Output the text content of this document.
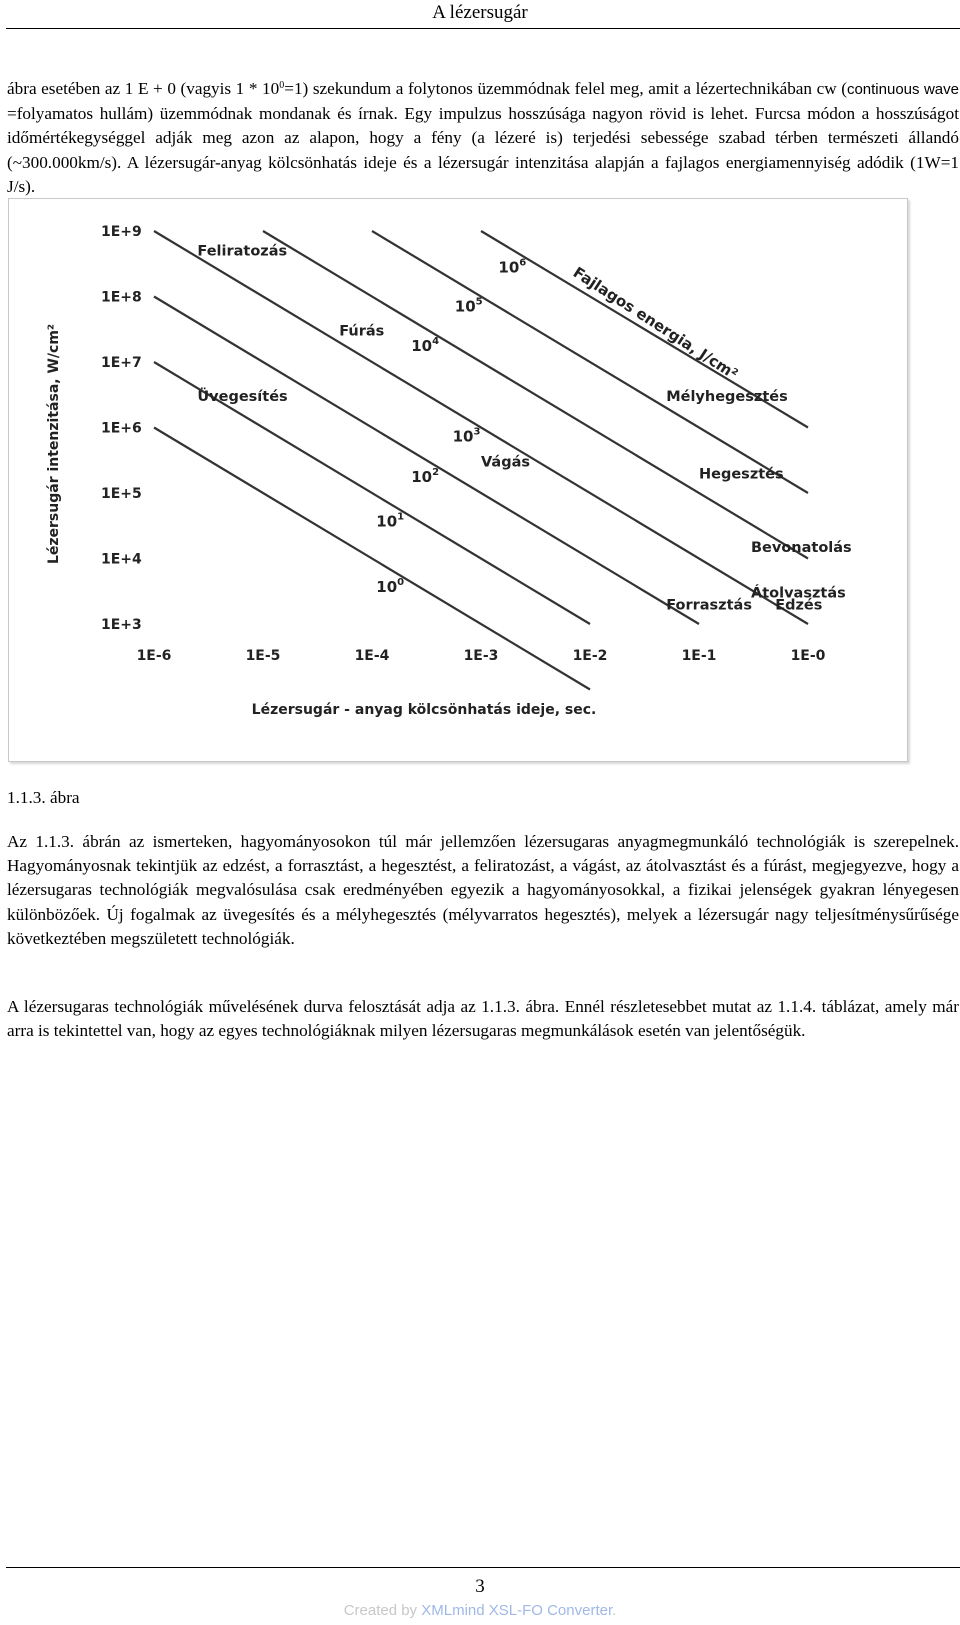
A lézersugár
ábra esetében az 1 E + 0 (vagyis $1 * 10^0=1$) szekundum a folytonos üzemmódnak felel meg, amit a lézertechnikában cw (continuous wave =folyamatos hullám) üzemmódnak mondanak és írnak. Egy impulzus hosszúsága nagyon rövid is lehet. Furcsa módon a hosszúságot időmértékegységgel adják meg azon az alapon, hogy a fény (a lézeré is) terjedési sebessége szabad térben természeti állandó (~300.000km/s). A lézersugár-anyag kölcsönhatás ideje és a lézersugár intenzitása alapján a fajlagos energiamennyiség adódik (1W=1 J/s).
1E+9
1E+8
1E+7
1E+6
1E+5
1E+4
1E+3
1E-6	1E-5	1E-4	1E-3	1E-2	1E-1	1E-0
Feliratozás
Fúrás
Üvegesítés
Vágás
Mélyhegesztés
Hegesztés
Bevonatolás
Átolvasztás
Forrasztás Edzés
$10^0$
$10^1$
$10^2$
$10^3$
$10^4$
$10^5$
$10^6$
Lézersugár - anyag kölcsönhatás ideje, sec.
Lézersugár intenzitása, W/cm²
Fajlagos energia, J/cm²
1.1.3. ábra
Az 1.1.3. ábrán az ismerteken, hagyományosokon túl már jellemzően lézersugaras anyagmegmunkáló technológiák is szerepelnek. Hagyományosnak tekintjük az edzést, a forrasztást, a hegesztést, a feliratozást, a vágást, az átolvasztást és a fúrást, megjegyezve, hogy a lézersugaras technológiák megvalósulása csak eredményében egyezik a hagyományosokkal, a fizikai jelenségek gyakran lényegesen különbözőek. Új fogalmak az üvegesítés és a mélyhegesztés (mélyvarratos hegesztés), melyek a lézersugár nagy teljesítménysűrűsége következtében megszületett technológiák.
A lézersugaras technológiák művelésének durva felosztását adja az 1.1.3. ábra. Ennél részletesebbet mutat az 1.1.4. táblázat, amely már arra is tekintettel van, hogy az egyes technológiáknak milyen lézersugaras megmunkálások esetén van jelentőségük.
3
Created by XMLmind XSL-FO Converter.
